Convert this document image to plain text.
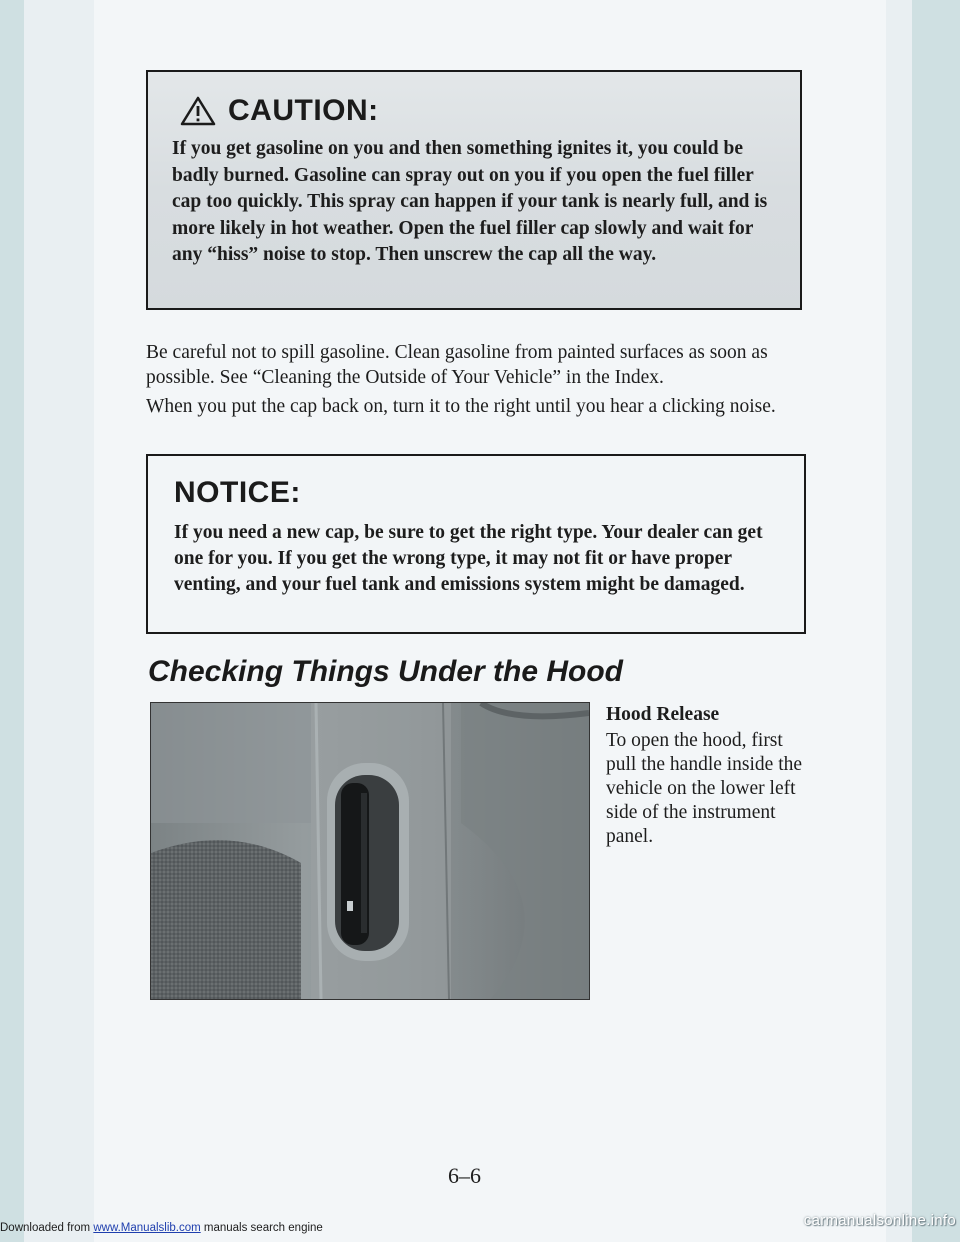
CAUTION:
If you get gasoline on you and then something ignites it, you could be badly burned. Gasoline can spray out on you if you open the fuel filler cap too quickly. This spray can happen if your tank is nearly full, and is more likely in hot weather. Open the fuel filler cap slowly and wait for any “hiss” noise to stop. Then unscrew the cap all the way.

Be careful not to spill gasoline. Clean gasoline from painted surfaces as soon as possible. See “Cleaning the Outside of Your Vehicle” in the Index.

When you put the cap back on, turn it to the right until you hear a clicking noise.

NOTICE:
If you need a new cap, be sure to get the right type. Your dealer can get one for you. If you get the wrong type, it may not fit or have proper venting, and your fuel tank and emissions system might be damaged.
Checking Things Under the Hood

Hood Release

To open the hood, first pull the handle inside the vehicle on the lower left side of the instrument panel.

6–6
Downloaded from www.Manualslib.com manuals search engine	carmanualsonline.info
